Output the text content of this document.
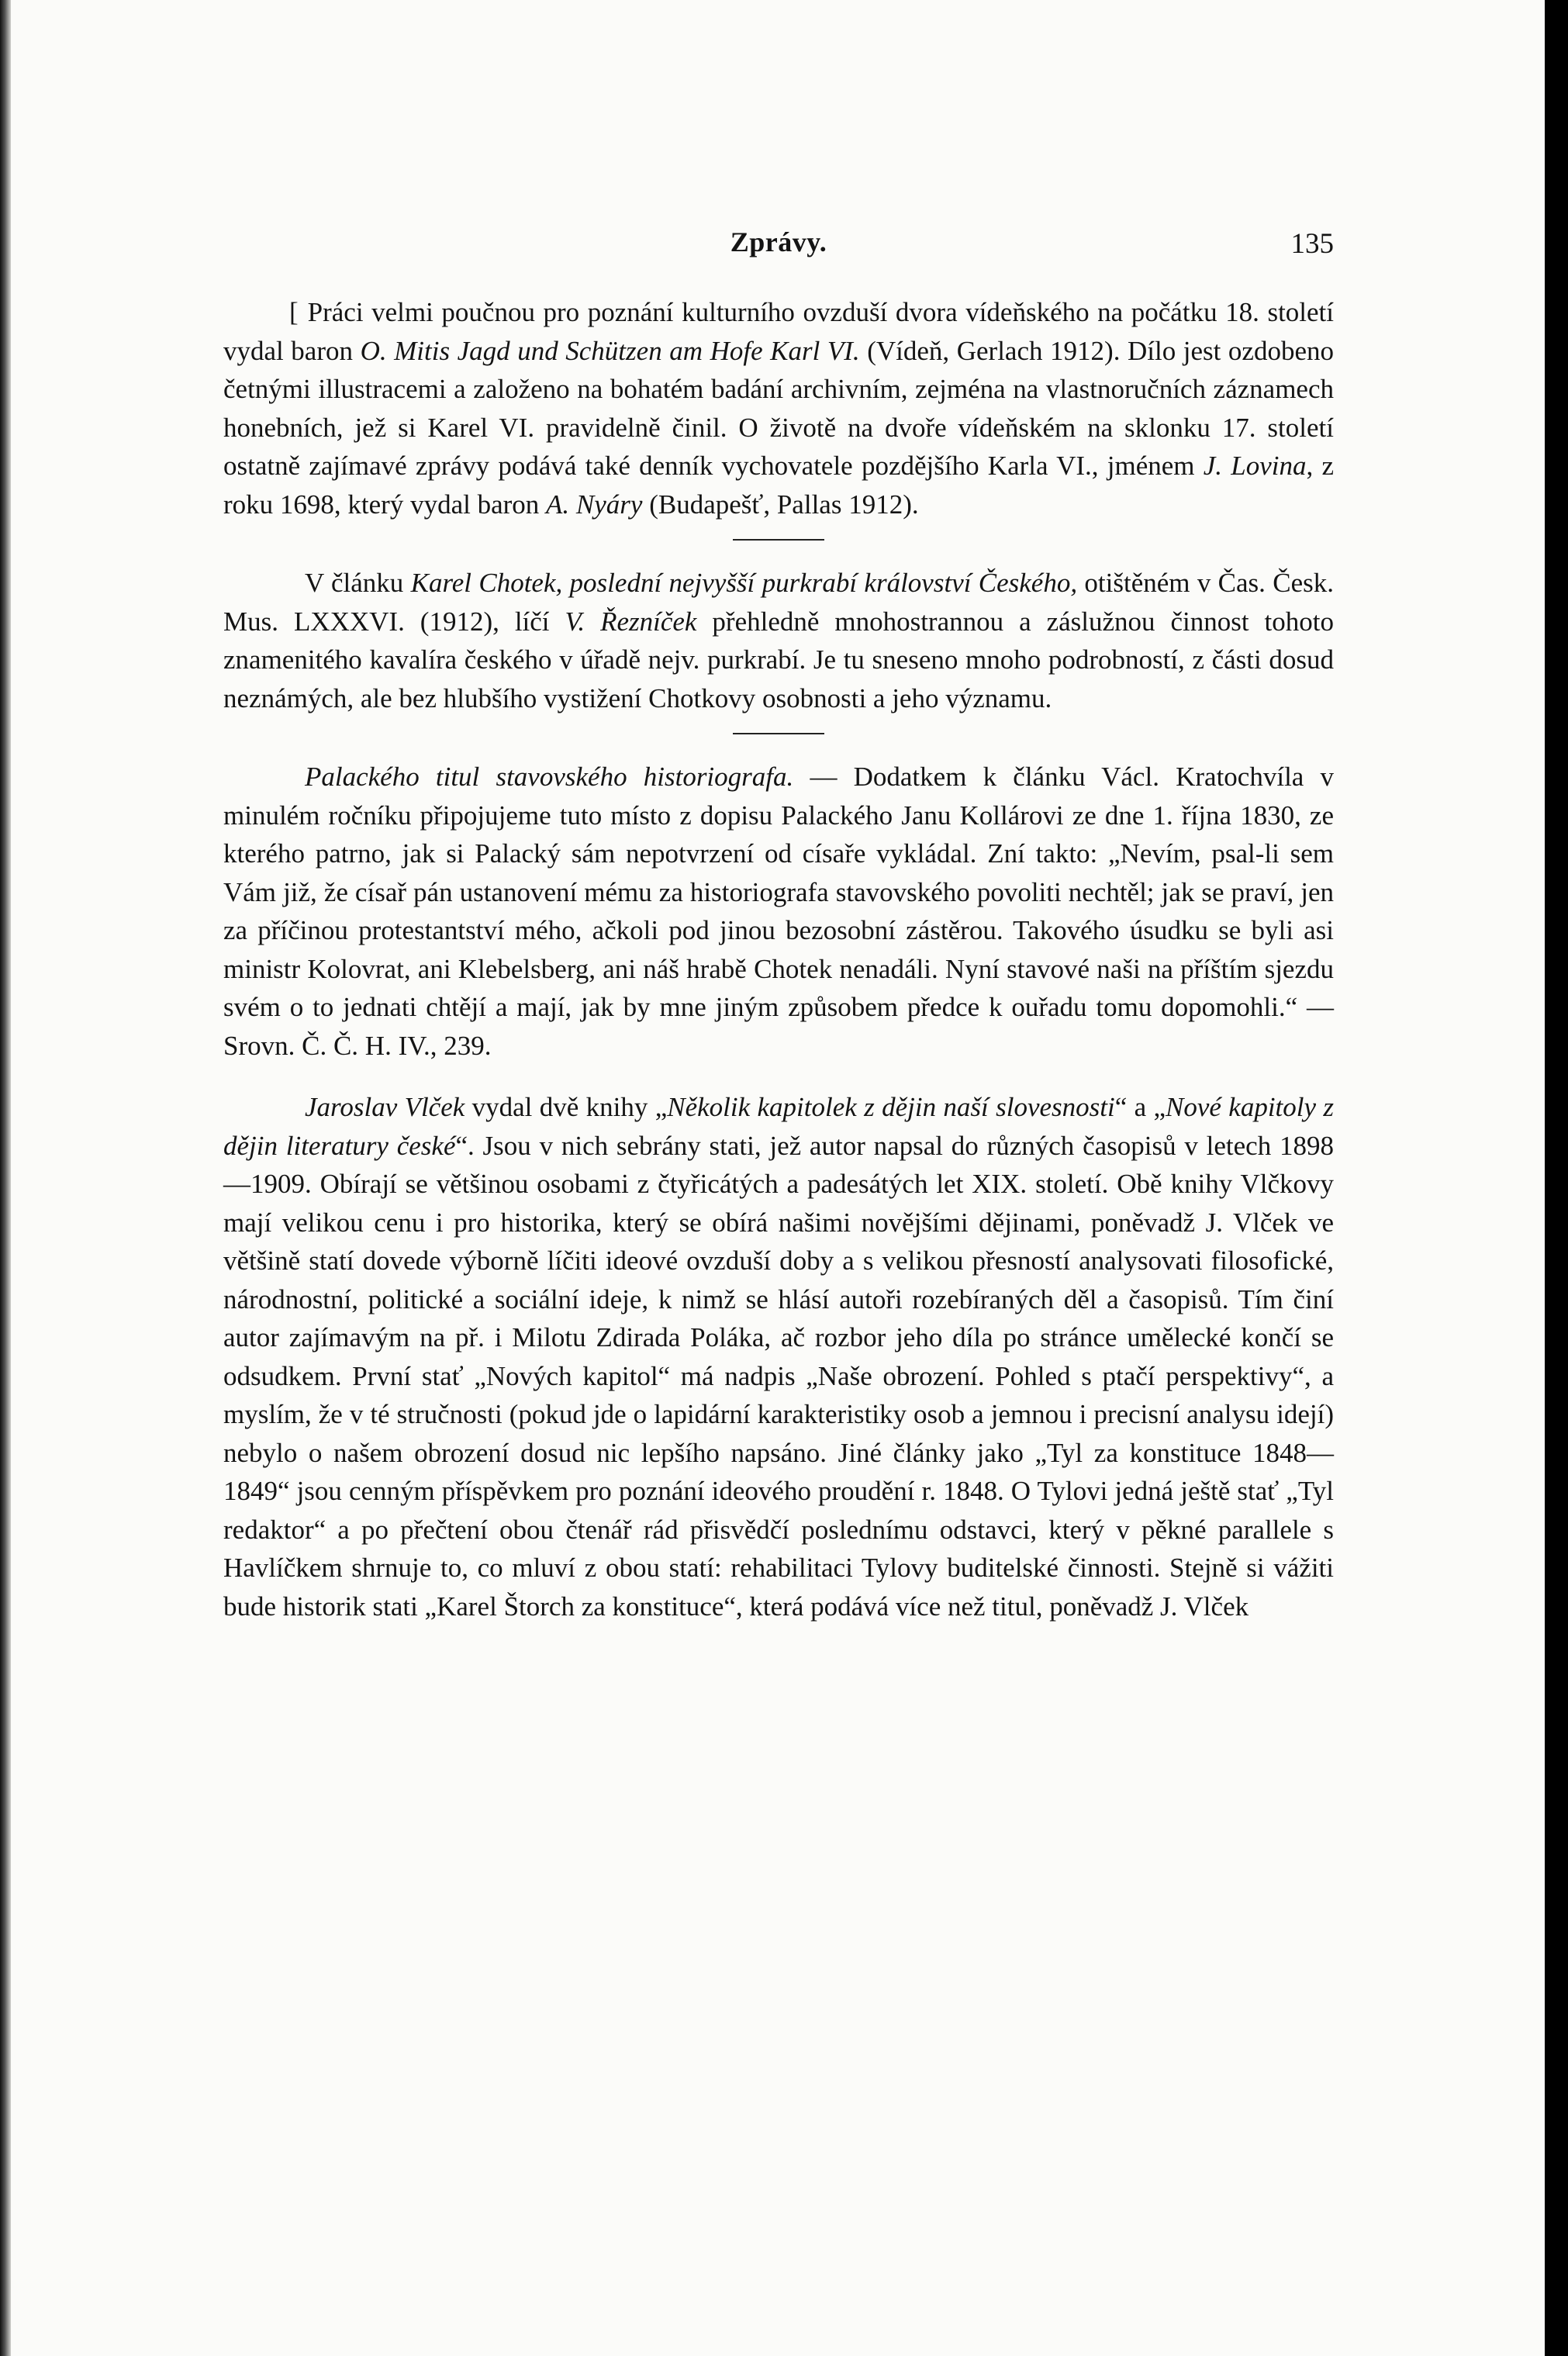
Zprávy.	135

[ Práci velmi poučnou pro poznání kulturního ovzduší dvora vídeňského na počátku 18. století vydal baron O. Mitis Jagd und Schützen am Hofe Karl VI. (Vídeň, Gerlach 1912). Dílo jest ozdobeno četnými illustracemi a založeno na bohatém badání archivním, zejména na vlastnoručních záznamech honebních, jež si Karel VI. pravidelně činil. O životě na dvoře vídeňském na sklonku 17. století ostatně zajímavé zprávy podává také denník vychovatele pozdějšího Karla VI., jménem J. Lovina, z roku 1698, který vydal baron A. Nyáry (Budapešť, Pallas 1912).

V článku Karel Chotek, poslední nejvyšší purkrabí království Českého, otištěném v Čas. Česk. Mus. LXXXVI. (1912), líčí V. Řezníček přehledně mnohostrannou a záslužnou činnost tohoto znamenitého kavalíra českého v úřadě nejv. purkrabí. Je tu sneseno mnoho podrobností, z části dosud neznámých, ale bez hlubšího vystižení Chotkovy osobnosti a jeho významu.

Palackého titul stavovského historiografa. — Dodatkem k článku Václ. Kratochvíla v minulém ročníku připojujeme tuto místo z dopisu Palackého Janu Kollárovi ze dne 1. října 1830, ze kterého patrno, jak si Palacký sám nepotvrzení od císaře vykládal. Zní takto: „Nevím, psal-li sem Vám již, že císař pán ustanovení mému za historiografa stavovského povoliti nechtěl; jak se praví, jen za příčinou protestantství mého, ačkoli pod jinou bezosobní zástěrou. Takového úsudku se byli asi ministr Kolovrat, ani Klebelsberg, ani náš hrabě Chotek nenadáli. Nyní stavové naši na příštím sjezdu svém o to jednati chtějí a mají, jak by mne jiným způsobem předce k ouřadu tomu dopomohli.“ — Srovn. Č. Č. H. IV., 239.

Jaroslav Vlček vydal dvě knihy „Několik kapitolek z dějin naší slovesnosti“ a „Nové kapitoly z dějin literatury české“. Jsou v nich sebrány stati, jež autor napsal do různých časopisů v letech 1898—1909. Obírají se většinou osobami z čtyřicátých a padesátých let XIX. století. Obě knihy Vlčkovy mají velikou cenu i pro historika, který se obírá našimi novějšími dějinami, poněvadž J. Vlček ve většině statí dovede výborně líčiti ideové ovzduší doby a s velikou přesností analysovati filosofické, národnostní, politické a sociální ideje, k nimž se hlásí autoři rozebíraných děl a časopisů. Tím činí autor zajímavým na př. i Milotu Zdirada Poláka, ač rozbor jeho díla po stránce umělecké končí se odsudkem. První stať „Nových kapitol“ má nadpis „Naše obrození. Pohled s ptačí perspektivy“, a myslím, že v té stručnosti (pokud jde o lapidární karakteristiky osob a jemnou i precisní analysu idejí) nebylo o našem obrození dosud nic lepšího napsáno. Jiné články jako „Tyl za konstituce 1848—1849“ jsou cenným příspěvkem pro poznání ideového proudění r. 1848. O Tylovi jedná ještě stať „Tyl redaktor“ a po přečtení obou čtenář rád přisvědčí poslednímu odstavci, který v pěkné parallele s Havlíčkem shrnuje to, co mluví z obou statí: rehabilitaci Tylovy buditelské činnosti. Stejně si vážiti bude historik stati „Karel Štorch za konstituce“, která podává více než titul, poněvadž J. Vlček
